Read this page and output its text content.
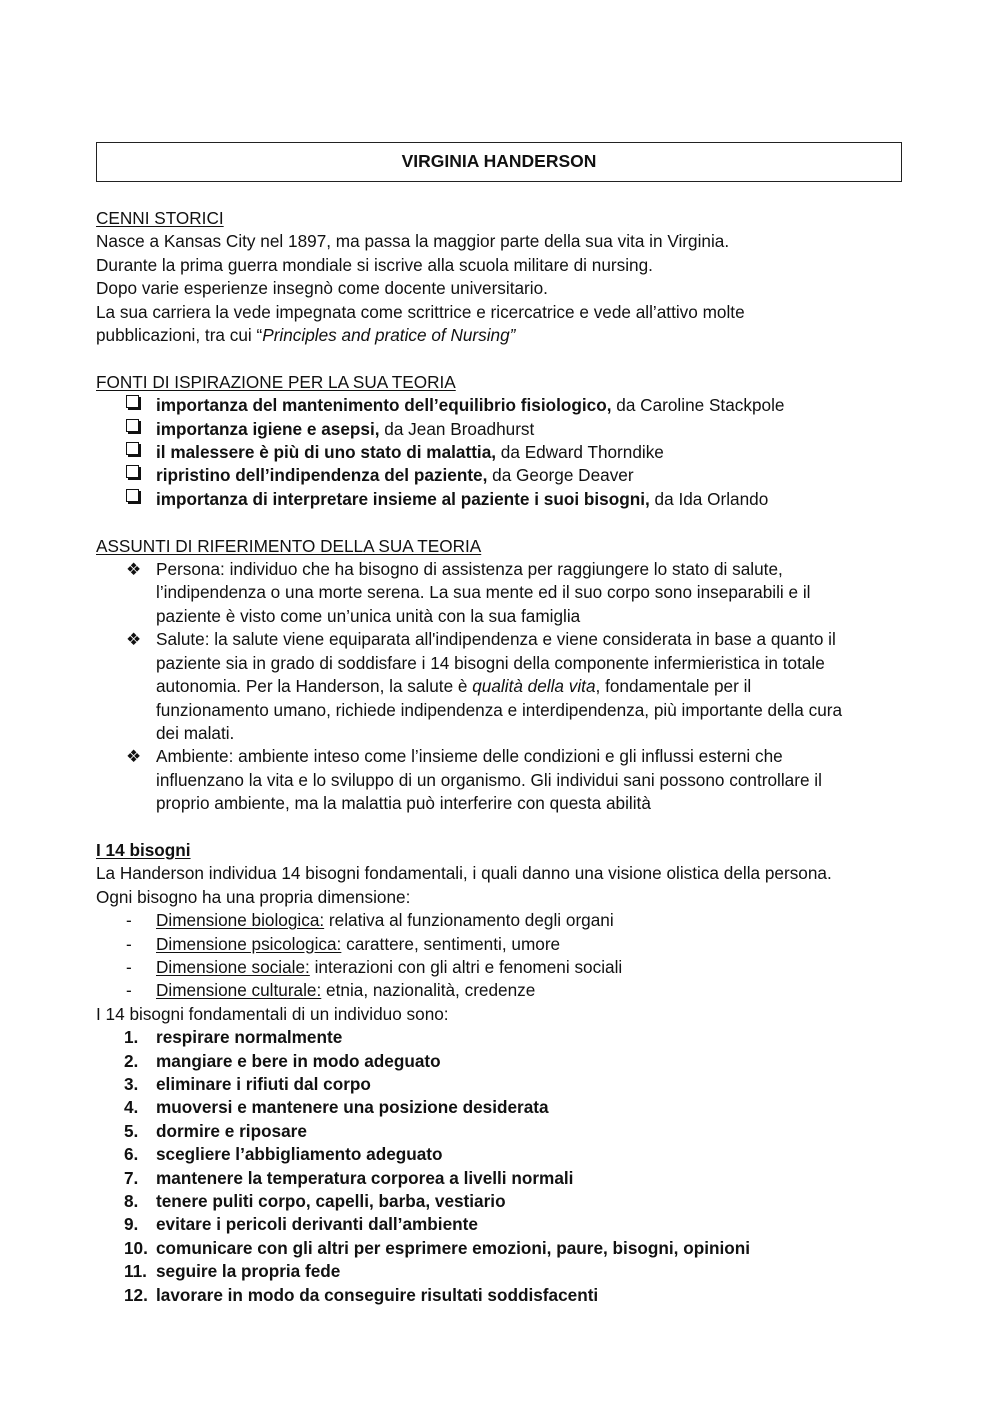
VIRGINIA HANDERSON
CENNI STORICI
Nasce a Kansas City nel 1897, ma passa la maggior parte della sua vita in Virginia.
Durante la prima guerra mondiale si iscrive alla scuola militare di nursing.
Dopo varie esperienze insegnò come docente universitario.
La sua carriera la vede impegnata come scrittrice e ricercatrice e vede all’attivo molte
pubblicazioni, tra cui “Principles and pratice of Nursing”
FONTI DI ISPIRAZIONE PER LA SUA TEORIA
importanza del mantenimento dell’equilibrio fisiologico, da Caroline Stackpole
importanza igiene e asepsi, da Jean Broadhurst
il malessere è più di uno stato di malattia, da Edward Thorndike
ripristino dell’indipendenza del paziente, da George Deaver
importanza di interpretare insieme al paziente i suoi bisogni, da Ida Orlando
ASSUNTI DI RIFERIMENTO DELLA SUA TEORIA
❖ Persona: individuo che ha bisogno di assistenza per raggiungere lo stato di salute,
l’indipendenza o una morte serena. La sua mente ed il suo corpo sono inseparabili e il
paziente è visto come un’unica unità con la sua famiglia
❖ Salute: la salute viene equiparata all'indipendenza e viene considerata in base a quanto il
paziente sia in grado di soddisfare i 14 bisogni della componente infermieristica in totale
autonomia. Per la Handerson, la salute è qualità della vita, fondamentale per il
funzionamento umano, richiede indipendenza e interdipendenza, più importante della cura
dei malati.
❖ Ambiente: ambiente inteso come l’insieme delle condizioni e gli influssi esterni che
influenzano la vita e lo sviluppo di un organismo. Gli individui sani possono controllare il
proprio ambiente, ma la malattia può interferire con questa abilità
I 14 bisogni
La Handerson individua 14 bisogni fondamentali, i quali danno una visione olistica della persona.
Ogni bisogno ha una propria dimensione:
- Dimensione biologica: relativa al funzionamento degli organi
- Dimensione psicologica: carattere, sentimenti, umore
- Dimensione sociale: interazioni con gli altri e fenomeni sociali
- Dimensione culturale: etnia, nazionalità, credenze
I 14 bisogni fondamentali di un individuo sono:
1. respirare normalmente
2. mangiare e bere in modo adeguato
3. eliminare i rifiuti dal corpo
4. muoversi e mantenere una posizione desiderata
5. dormire e riposare
6. scegliere l’abbigliamento adeguato
7. mantenere la temperatura corporea a livelli normali
8. tenere puliti corpo, capelli, barba, vestiario
9. evitare i pericoli derivanti dall’ambiente
10. comunicare con gli altri per esprimere emozioni, paure, bisogni, opinioni
11. seguire la propria fede
12. lavorare in modo da conseguire risultati soddisfacenti
